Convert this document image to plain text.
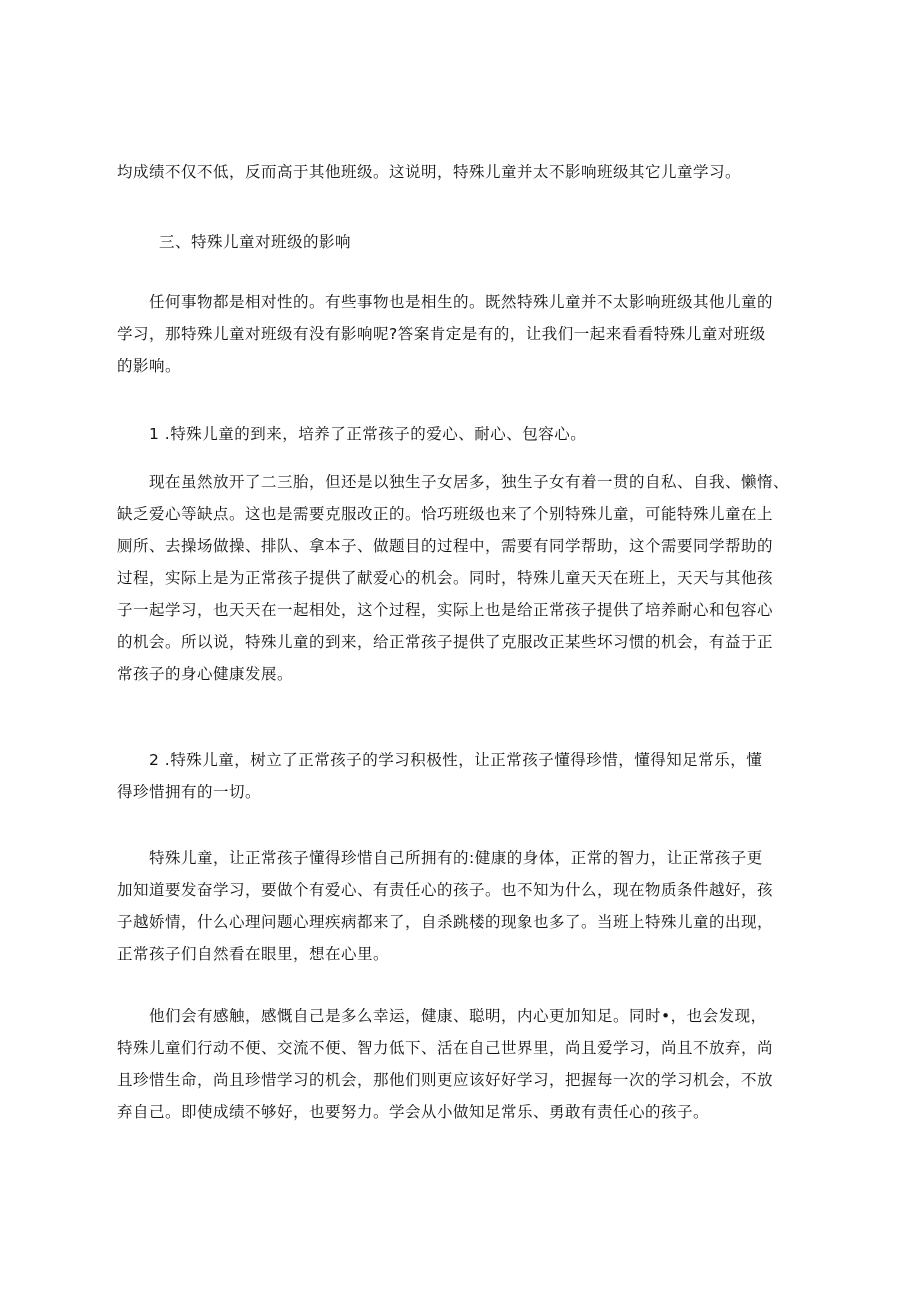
均成绩不仅不低，反而高于其他班级。这说明，特殊儿童并太不影响班级其它儿童学习。
三、特殊儿童对班级的影响
任何事物都是相对性的。有些事物也是相生的。既然特殊儿童并不太影响班级其他儿童的
学习，那特殊儿童对班级有没有影响呢?答案肯定是有的，让我们一起来看看特殊儿童对班级
的影响。
1 .特殊儿童的到来，培养了正常孩子的爱心、耐心、包容心。
现在虽然放开了二三胎，但还是以独生子女居多，独生子女有着一贯的自私、自我、懒惰、
缺乏爱心等缺点。这也是需要克服改正的。恰巧班级也来了个别特殊儿童，可能特殊儿童在上
厕所、去操场做操、排队、拿本子、做题目的过程中，需要有同学帮助，这个需要同学帮助的
过程，实际上是为正常孩子提供了献爱心的机会。同时，特殊儿童天天在班上，天天与其他孩
子一起学习，也天天在一起相处，这个过程，实际上也是给正常孩子提供了培养耐心和包容心
的机会。所以说，特殊儿童的到来，给正常孩子提供了克服改正某些坏习惯的机会，有益于正
常孩子的身心健康发展。
2 .特殊儿童，树立了正常孩子的学习积极性，让正常孩子懂得珍惜，懂得知足常乐，懂
得珍惜拥有的一切。
特殊儿童，让正常孩子懂得珍惜自己所拥有的:健康的身体，正常的智力，让正常孩子更
加知道要发奋学习，要做个有爱心、有责任心的孩子。也不知为什么，现在物质条件越好，孩
子越娇情，什么心理问题心理疾病都来了，自杀跳楼的现象也多了。当班上特殊儿童的出现，
正常孩子们自然看在眼里，想在心里。
他们会有感触，感慨自己是多么幸运，健康、聪明，内心更加知足。同时•，也会发现，
特殊儿童们行动不便、交流不便、智力低下、活在自己世界里，尚且爱学习，尚且不放弃，尚
且珍惜生命，尚且珍惜学习的机会，那他们则更应该好好学习，把握每一次的学习机会，不放
弃自己。即使成绩不够好，也要努力。学会从小做知足常乐、勇敢有责任心的孩子。
